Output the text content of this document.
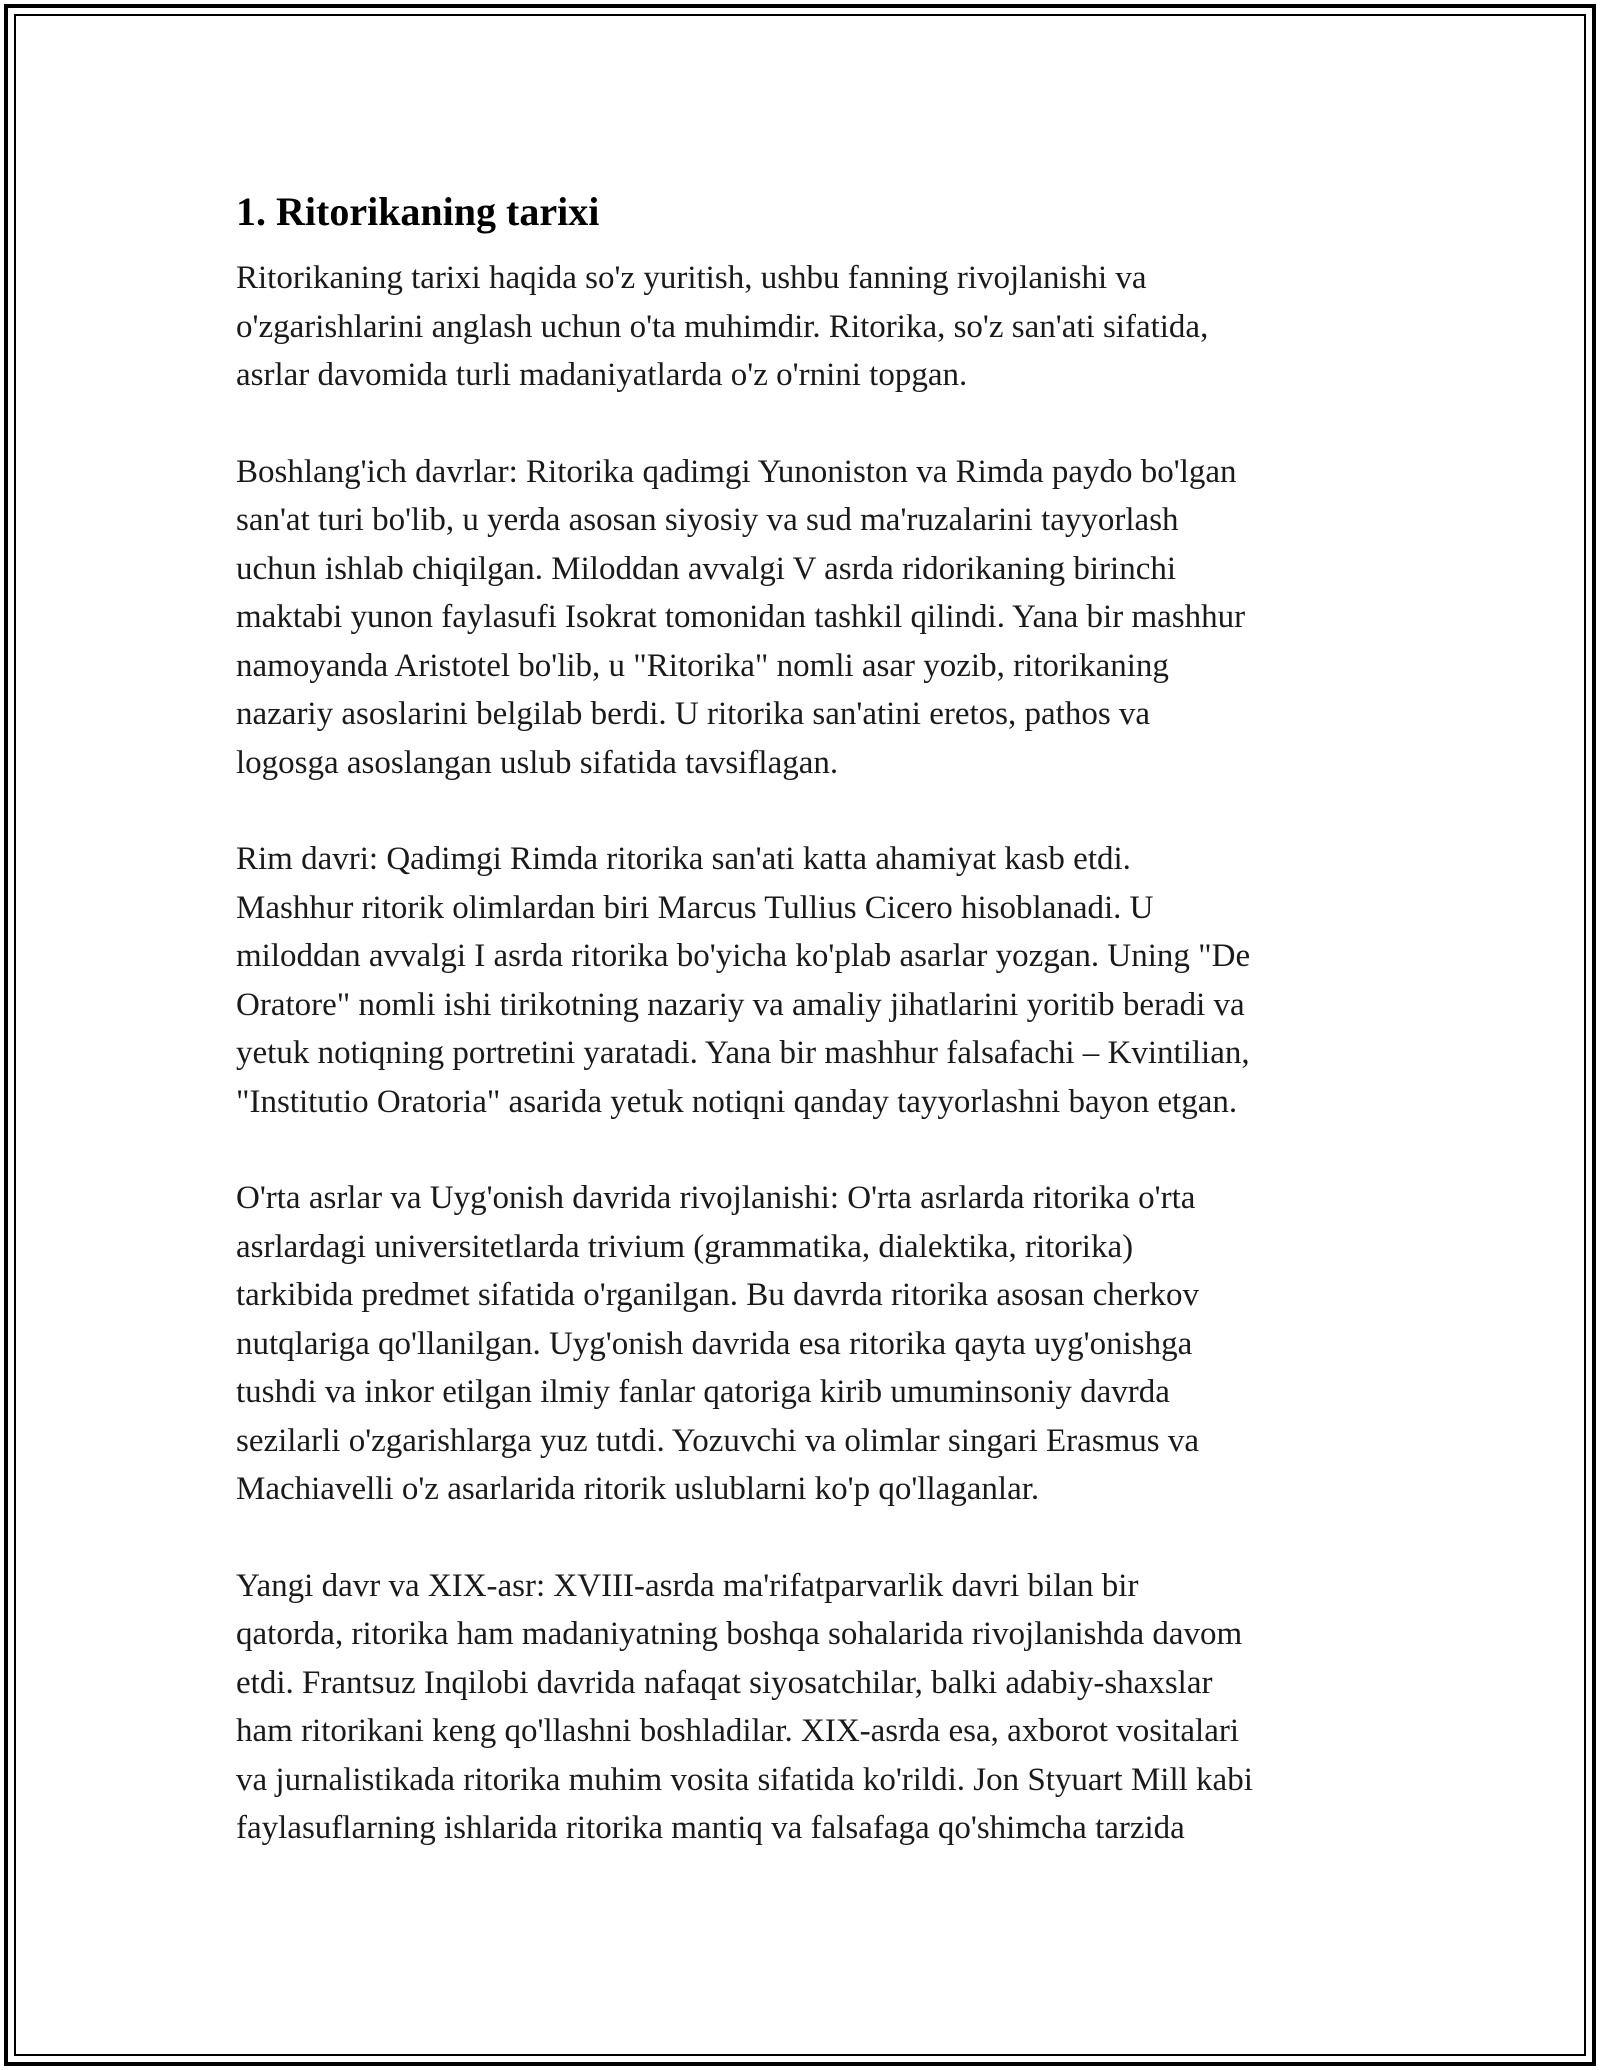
1. Ritorikaning tarixi

Ritorikaning tarixi haqida so'z yuritish, ushbu fanning rivojlanishi va
o'zgarishlarini anglash uchun o'ta muhimdir. Ritorika, so'z san'ati sifatida,
asrlar davomida turli madaniyatlarda o'z o'rnini topgan.

Boshlang'ich davrlar: Ritorika qadimgi Yunoniston va Rimda paydo bo'lgan
san'at turi bo'lib, u yerda asosan siyosiy va sud ma'ruzalarini tayyorlash
uchun ishlab chiqilgan. Miloddan avvalgi V asrda ridorikaning birinchi
maktabi yunon faylasufi Isokrat tomonidan tashkil qilindi. Yana bir mashhur
namoyanda Aristotel bo'lib, u "Ritorika" nomli asar yozib, ritorikaning
nazariy asoslarini belgilab berdi. U ritorika san'atini eretos, pathos va
logosga asoslangan uslub sifatida tavsiflagan.

Rim davri: Qadimgi Rimda ritorika san'ati katta ahamiyat kasb etdi.
Mashhur ritorik olimlardan biri Marcus Tullius Cicero hisoblanadi. U
miloddan avvalgi I asrda ritorika bo'yicha ko'plab asarlar yozgan. Uning "De
Oratore" nomli ishi tirikotning nazariy va amaliy jihatlarini yoritib beradi va
yetuk notiqning portretini yaratadi. Yana bir mashhur falsafachi – Kvintilian,
"Institutio Oratoria" asarida yetuk notiqni qanday tayyorlashni bayon etgan.

O'rta asrlar va Uyg'onish davrida rivojlanishi: O'rta asrlarda ritorika o'rta
asrlardagi universitetlarda trivium (grammatika, dialektika, ritorika)
tarkibida predmet sifatida o'rganilgan. Bu davrda ritorika asosan cherkov
nutqlariga qo'llanilgan. Uyg'onish davrida esa ritorika qayta uyg'onishga
tushdi va inkor etilgan ilmiy fanlar qatoriga kirib umuminsoniy davrda
sezilarli o'zgarishlarga yuz tutdi. Yozuvchi va olimlar singari Erasmus va
Machiavelli o'z asarlarida ritorik uslublarni ko'p qo'llaganlar.

Yangi davr va XIX-asr: XVIII-asrda ma'rifatparvarlik davri bilan bir
qatorda, ritorika ham madaniyatning boshqa sohalarida rivojlanishda davom
etdi. Frantsuz Inqilobi davrida nafaqat siyosatchilar, balki adabiy-shaxslar
ham ritorikani keng qo'llashni boshladilar. XIX-asrda esa, axborot vositalari
va jurnalistikada ritorika muhim vosita sifatida ko'rildi. Jon Styuart Mill kabi
faylasuflarning ishlarida ritorika mantiq va falsafaga qo'shimcha tarzida
